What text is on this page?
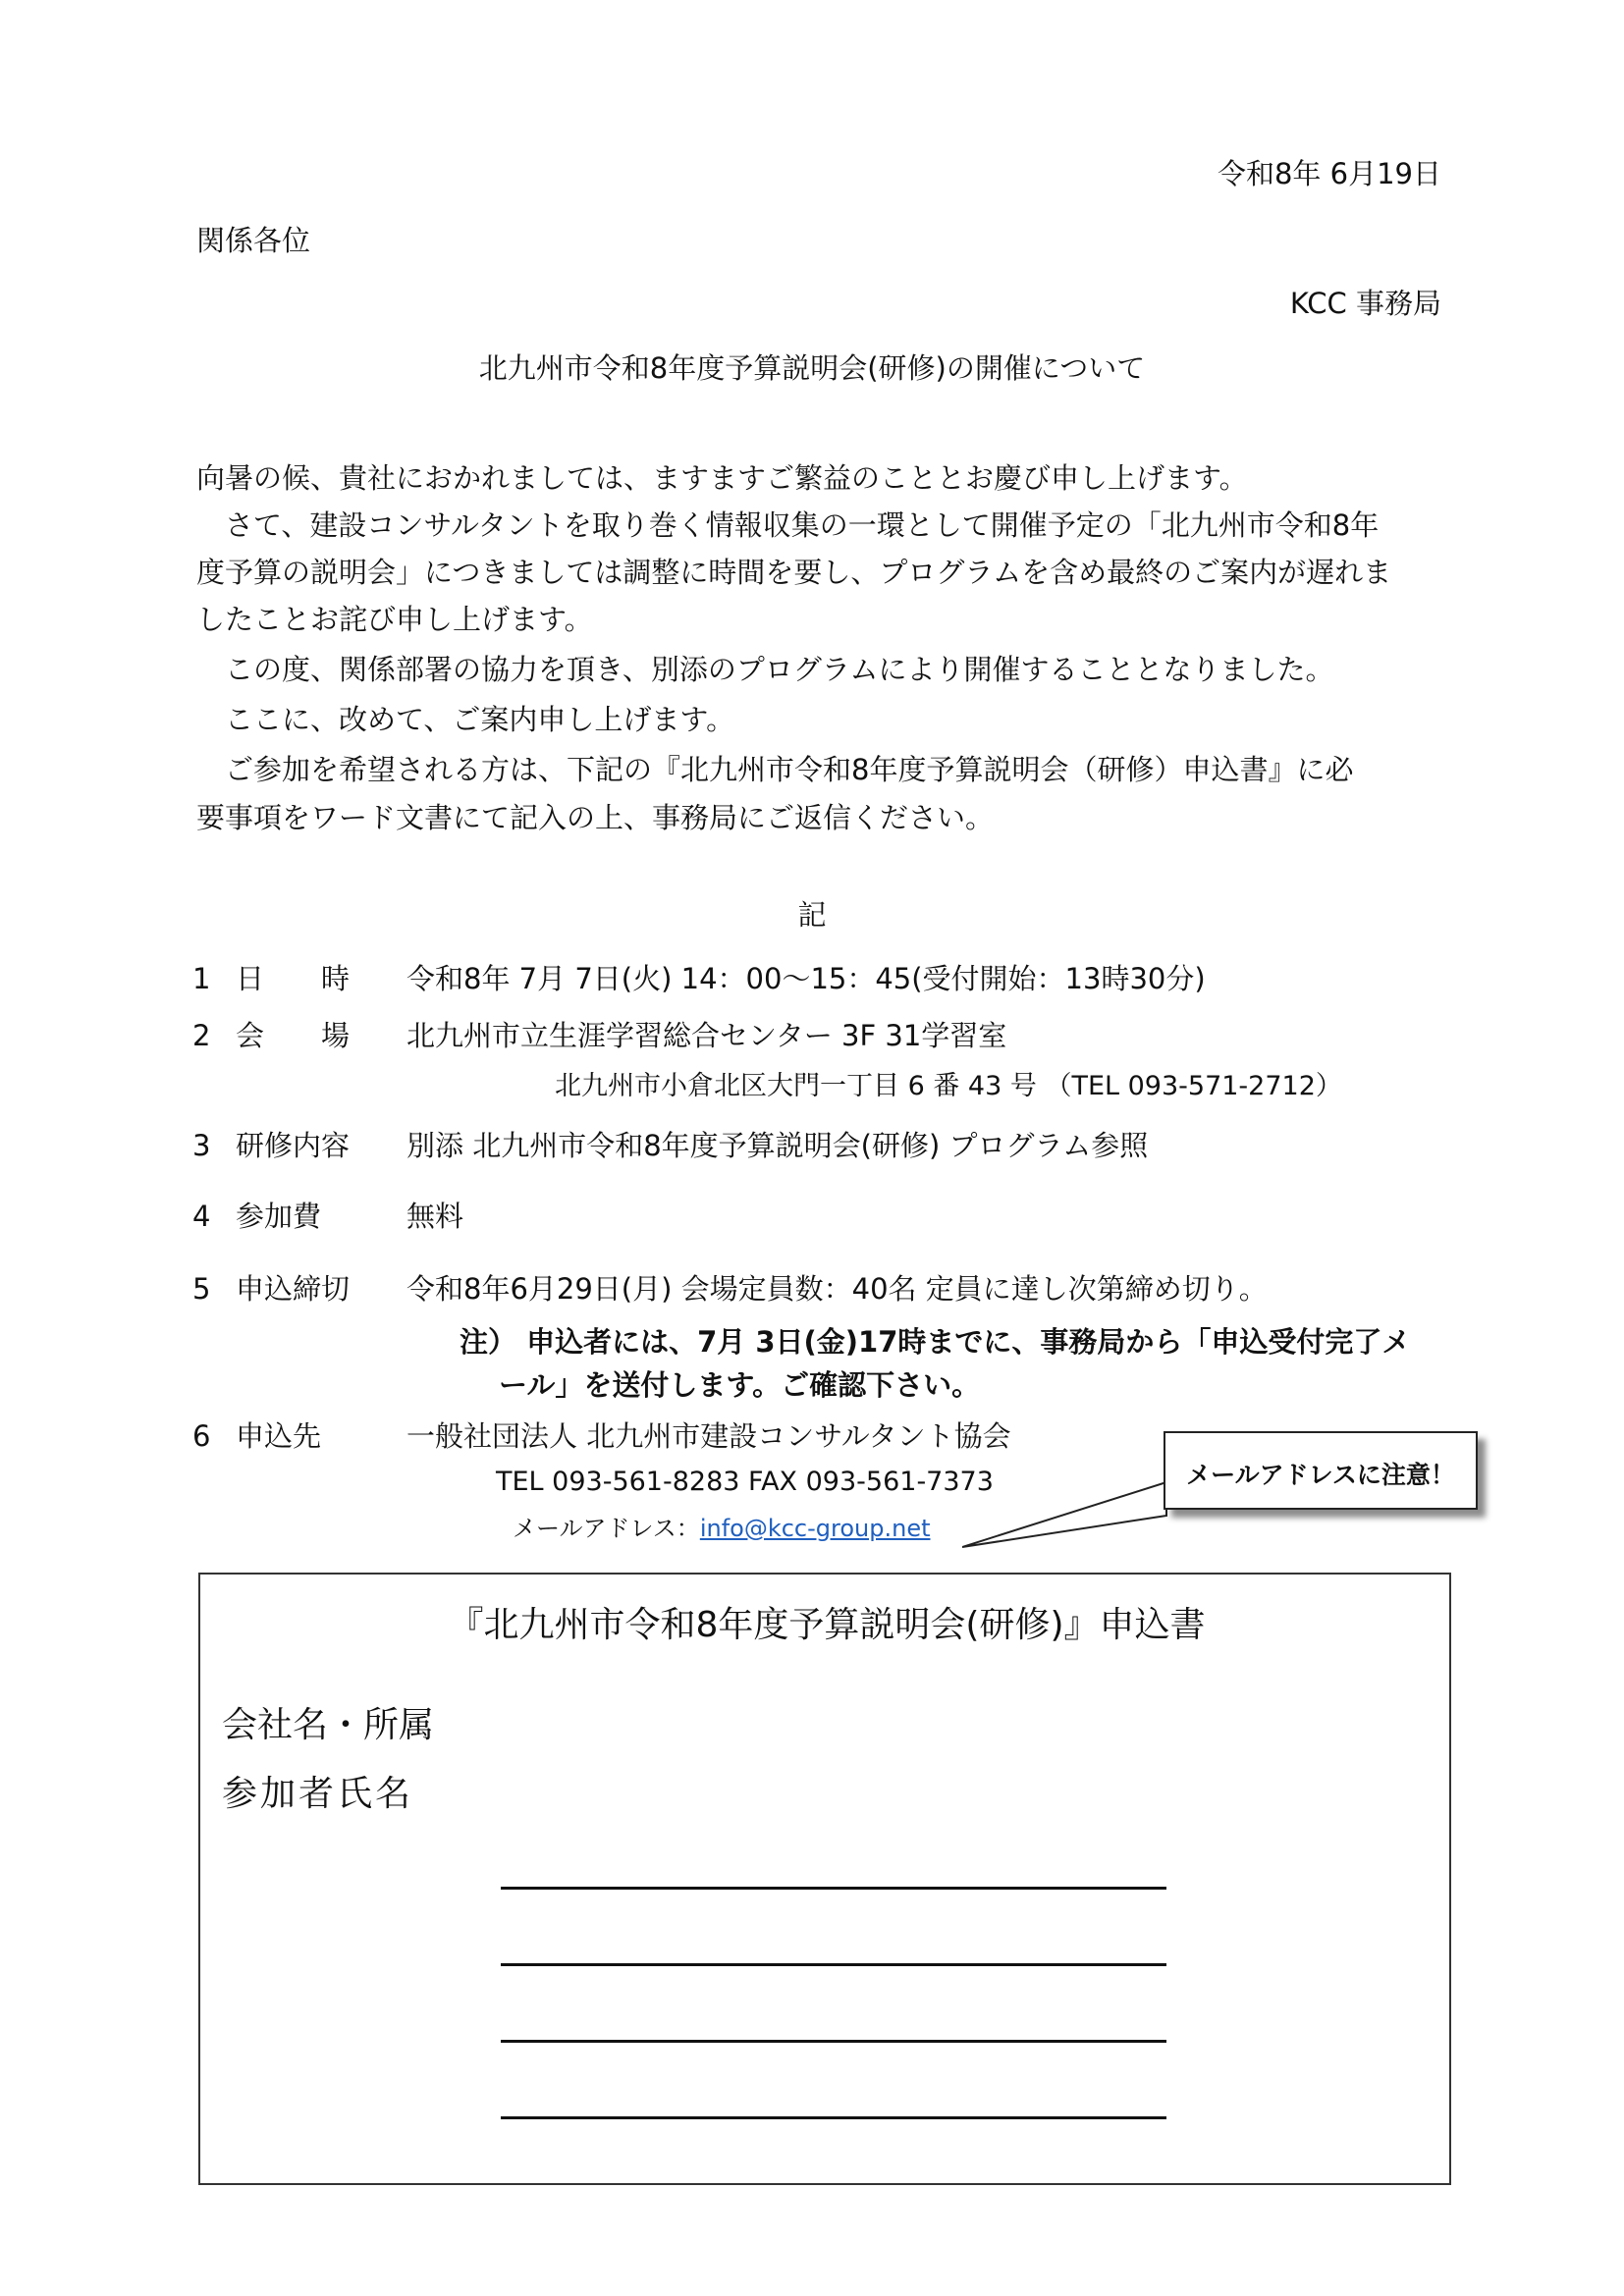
令和8年 6月19日
関係各位
KCC 事務局
北九州市令和8年度予算説明会(研修)の開催について
向暑の候、貴社におかれましては、ますますご繁益のこととお慶び申し上げます。
　さて、建設コンサルタントを取り巻く情報収集の一環として開催予定の「北九州市令和8年
度予算の説明会」につきましては調整に時間を要し、プログラムを含め最終のご案内が遅れま
したことお詫び申し上げます。
　この度、関係部署の協力を頂き、別添のプログラムにより開催することとなりました。
　ここに、改めて、ご案内申し上げます。
　ご参加を希望される方は、下記の『北九州市令和8年度予算説明会（研修）申込書』に必
要事項をワード文書にて記入の上、事務局にご返信ください。
記
1 日　　時 令和8年 7月 7日(火) 14：00～15：45(受付開始：13時30分)
2 会　　場 北九州市立生涯学習総合センター 3F 31学習室
北九州市小倉北区大門一丁目 6 番 43 号 （TEL 093-571-2712）
3 研修内容 別添 北九州市令和8年度予算説明会(研修) プログラム参照
4 参加費	無料
5 申込締切 令和8年6月29日(月) 会場定員数：40名 定員に達し次第締め切り。
注） 申込者には、7月 3日(金)17時までに、事務局から「申込受付完了メ
ール」を送付します。ご確認下さい。
6 申込先	一般社団法人 北九州市建設コンサルタント協会
TEL 093-561-8283 FAX 093-561-7373
メールアドレス：info@kcc-group.net
メールアドレスに注意！
『北九州市令和8年度予算説明会(研修)』申込書
会社名・所属
参加者氏名
